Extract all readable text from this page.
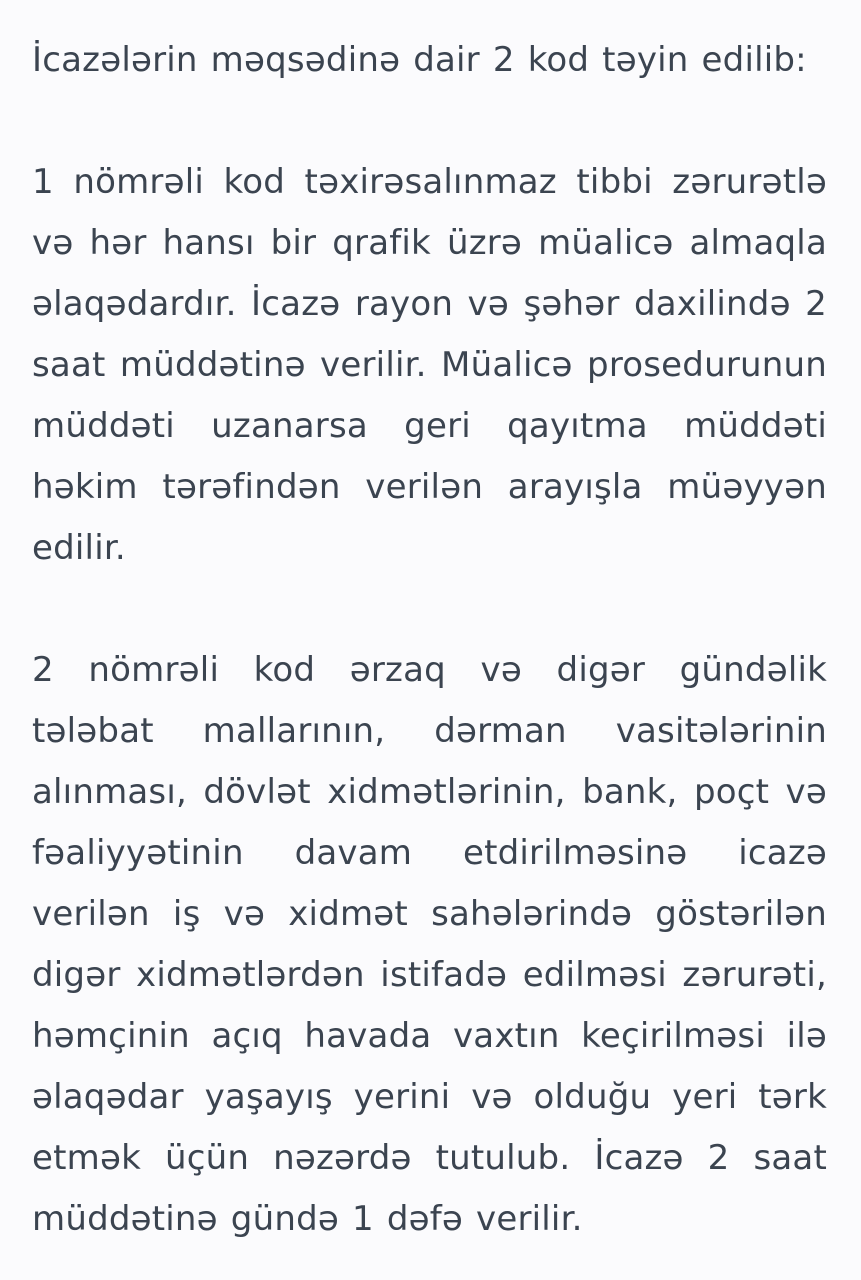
İcazələrin məqsədinə dair 2 kod təyin edilib:

1 nömrəli kod təxirəsalınmaz tibbi zərurətlə və hər hansı bir qrafik üzrə müalicə almaqla əlaqədardır. İcazə rayon və şəhər daxilində 2 saat müddətinə verilir. Müalicə prosedurunun müddəti uzanarsa geri qayıtma müddəti həkim tərəfindən verilən arayışla müəyyən edilir.

2 nömrəli kod ərzaq və digər gündəlik tələbat mallarının, dərman vasitələrinin alınması, dövlət xidmətlərinin, bank, poçt və fəaliyyətinin davam etdirilməsinə icazə verilən iş və xidmət sahələrində göstərilən digər xidmətlərdən istifadə edilməsi zərurəti, həmçinin açıq havada vaxtın keçirilməsi ilə əlaqədar yaşayış yerini və olduğu yeri tərk etmək üçün nəzərdə tutulub. İcazə 2 saat müddətinə gündə 1 dəfə verilir.
